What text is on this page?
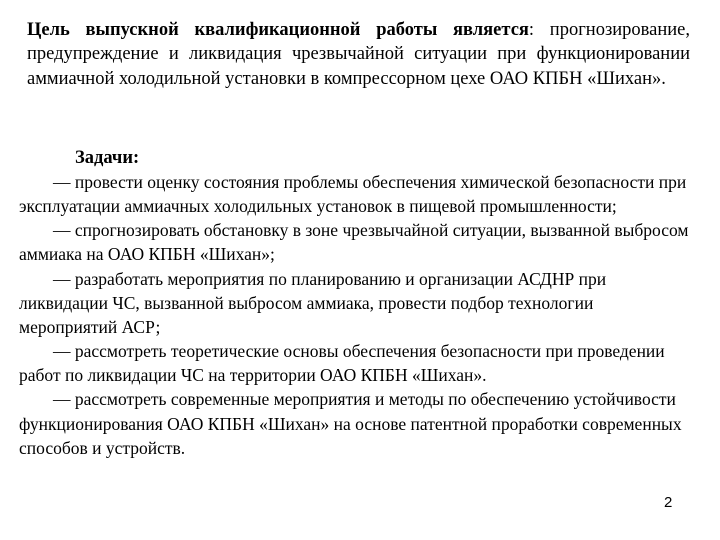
Цель выпускной квалификационной работы является: прогнозирование, предупреждение и ликвидация чрезвычайной ситуации при функционировании аммиачной холодильной установки в компрессорном цехе ОАО КПБН «Шихан».
Задачи:
— провести оценку состояния проблемы обеспечения химической безопасности при эксплуатации аммиачных холодильных установок в пищевой промышленности;
— спрогнозировать обстановку в зоне чрезвычайной ситуации, вызванной выбросом аммиака на ОАО КПБН «Шихан»;
— разработать мероприятия по планированию и организации АСДНР при ликвидации ЧС, вызванной выбросом аммиака, провести подбор технологии мероприятий АСР;
— рассмотреть теоретические основы обеспечения безопасности при проведении работ по ликвидации ЧС на территории ОАО КПБН «Шихан».
— рассмотреть современные мероприятия и методы по обеспечению устойчивости функционирования ОАО КПБН «Шихан» на основе патентной проработки современных способов и устройств.
2
